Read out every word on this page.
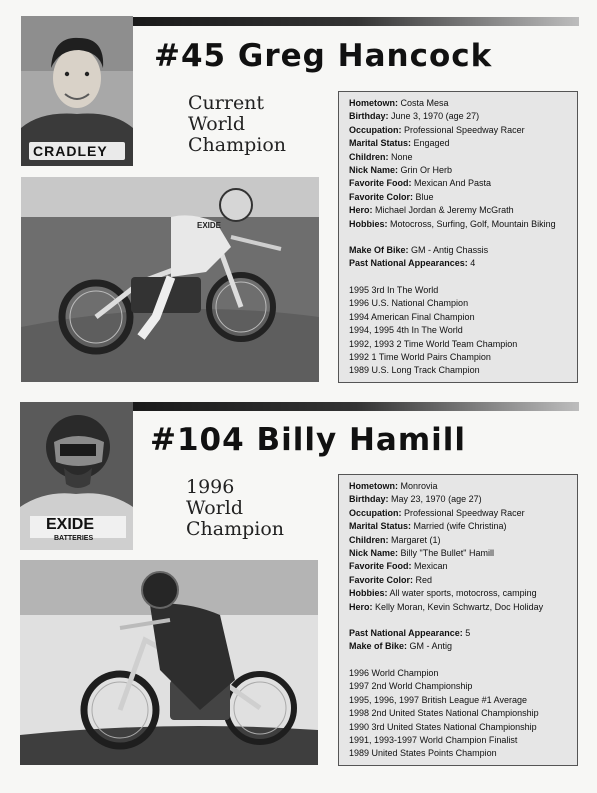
CRADLEY
#45 Greg Hancock
Current
World
Champion
EXIDE
Hometown: Costa Mesa
Birthday: June 3, 1970 (age 27)
Occupation: Professional Speedway Racer
Marital Status: Engaged
Children: None
Nick Name: Grin Or Herb
Favorite Food: Mexican And Pasta
Favorite Color: Blue
Hero: Michael Jordan & Jeremy McGrath
Hobbies: Motocross, Surfing, Golf, Mountain Biking
Make Of Bike: GM - Antig Chassis
Past National Appearances: 4
1995 3rd In The World
1996 U.S. National Champion
1994 American Final Champion
1994, 1995 4th In The World
1992, 1993 2 Time World Team Champion
1992 1 Time World Pairs Champion
1989 U.S. Long Track Champion
EXIDE
BATTERIES
#104 Billy Hamill
1996
World
Champion
Hometown: Monrovia
Birthday: May 23, 1970 (age 27)
Occupation: Professional Speedway Racer
Marital Status: Married (wife Christina)
Children: Margaret (1)
Nick Name: Billy "The Bullet" Hamill
Favorite Food: Mexican
Favorite Color: Red
Hobbies: All water sports, motocross, camping
Hero: Kelly Moran, Kevin Schwartz, Doc Holiday
Past National Appearance: 5
Make of Bike: GM - Antig
1996 World Champion
1997 2nd World Championship
1995, 1996, 1997 British League #1 Average
1998 2nd United States National Championship
1990 3rd United States National Championship
1991, 1993-1997 World Champion Finalist
1989 United States Points Champion
